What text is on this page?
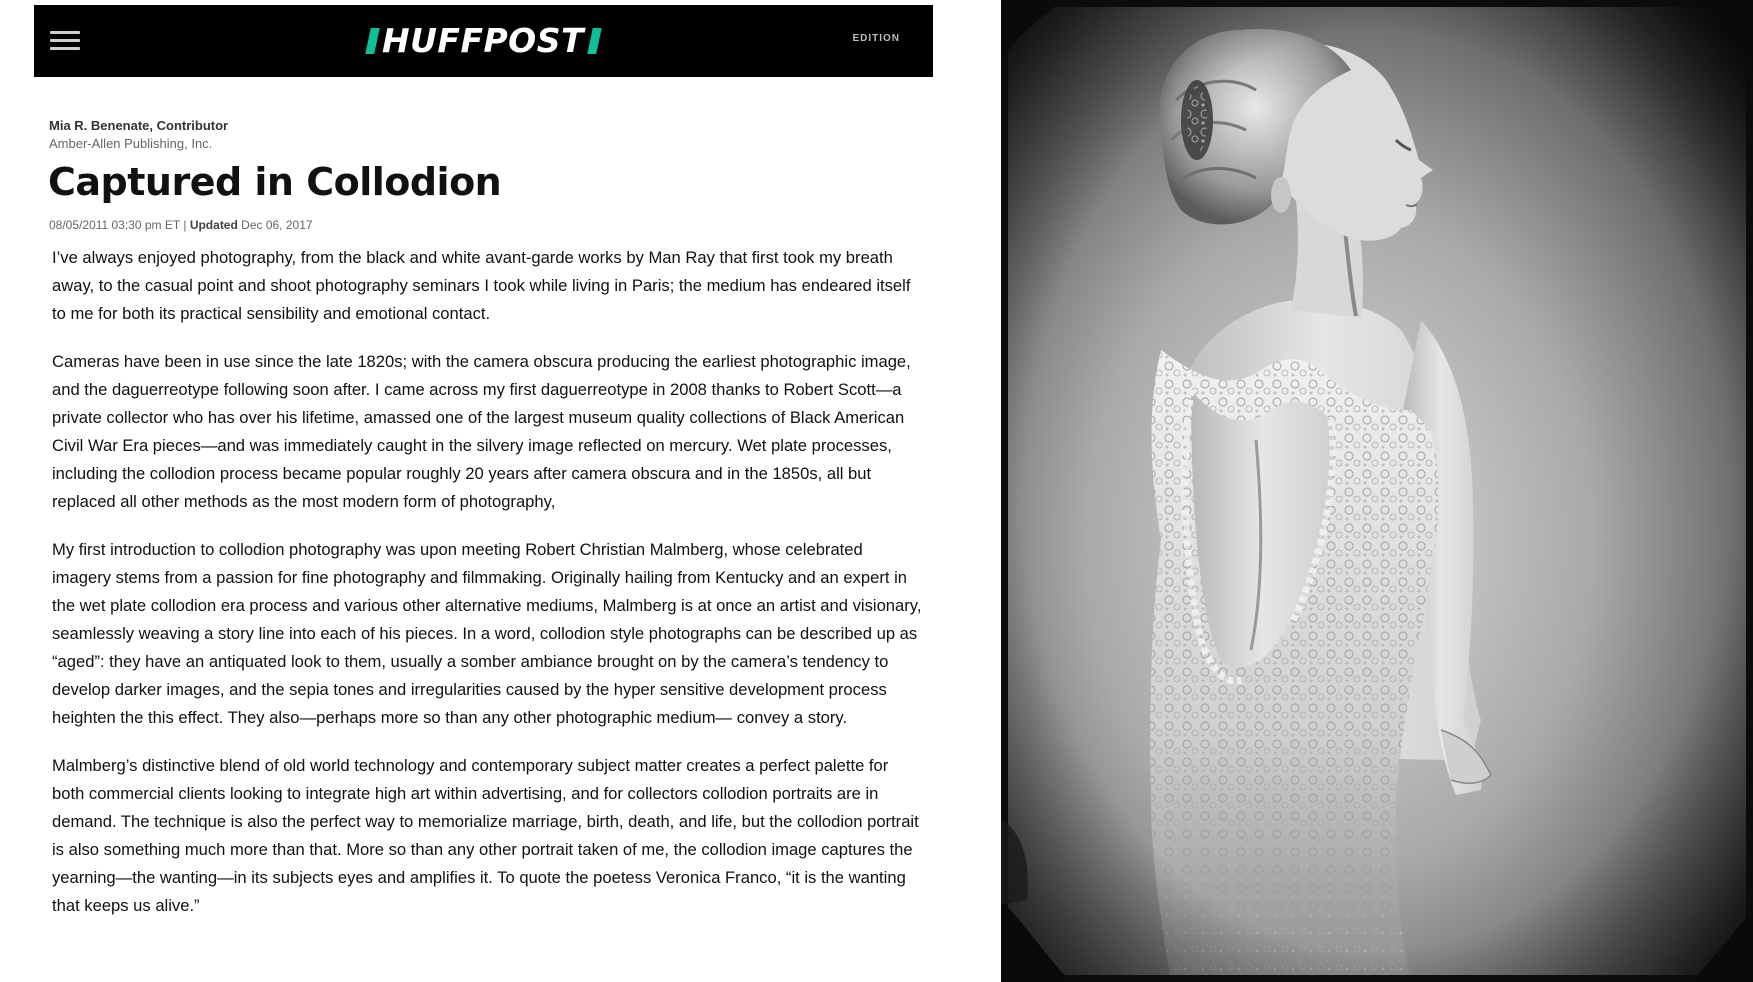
HUFFPOST	EDITION
Mia R. Benenate, Contributor
Amber-Allen Publishing, Inc.
Captured in Collodion
08/05/2011 03:30 pm ET | Updated Dec 06, 2017

I’ve always enjoyed photography, from the black and white avant-garde works by Man Ray that first took my breath away, to the casual point and shoot photography seminars I took while living in Paris; the medium has endeared itself to me for both its practical sensibility and emotional contact.

Cameras have been in use since the late 1820s; with the camera obscura producing the earliest photographic image, and the daguerreotype following soon after. I came across my first daguerreotype in 2008 thanks to Robert Scott—a private collector who has over his lifetime, amassed one of the largest museum quality collections of Black American Civil War Era pieces—and was immediately caught in the silvery image reflected on mercury. Wet plate processes, including the collodion process became popular roughly 20 years after camera obscura and in the 1850s, all but replaced all other methods as the most modern form of photography,

My first introduction to collodion photography was upon meeting Robert Christian Malmberg, whose celebrated imagery stems from a passion for fine photography and filmmaking. Originally hailing from Kentucky and an expert in the wet plate collodion era process and various other alternative mediums, Malmberg is at once an artist and visionary, seamlessly weaving a story line into each of his pieces. In a word, collodion style photographs can be described up as “aged”: they have an antiquated look to them, usually a somber ambiance brought on by the camera’s tendency to develop darker images, and the sepia tones and irregularities caused by the hyper sensitive development process heighten the this effect. They also—perhaps more so than any other photographic medium— convey a story.

Malmberg’s distinctive blend of old world technology and contemporary subject matter creates a perfect palette for both commercial clients looking to integrate high art within advertising, and for collectors collodion portraits are in demand. The technique is also the perfect way to memorialize marriage, birth, death, and life, but the collodion portrait is also something much more than that. More so than any other portrait taken of me, the collodion image captures the yearning—the wanting—in its subjects eyes and amplifies it. To quote the poetess Veronica Franco, “it is the wanting that keeps us alive.”
